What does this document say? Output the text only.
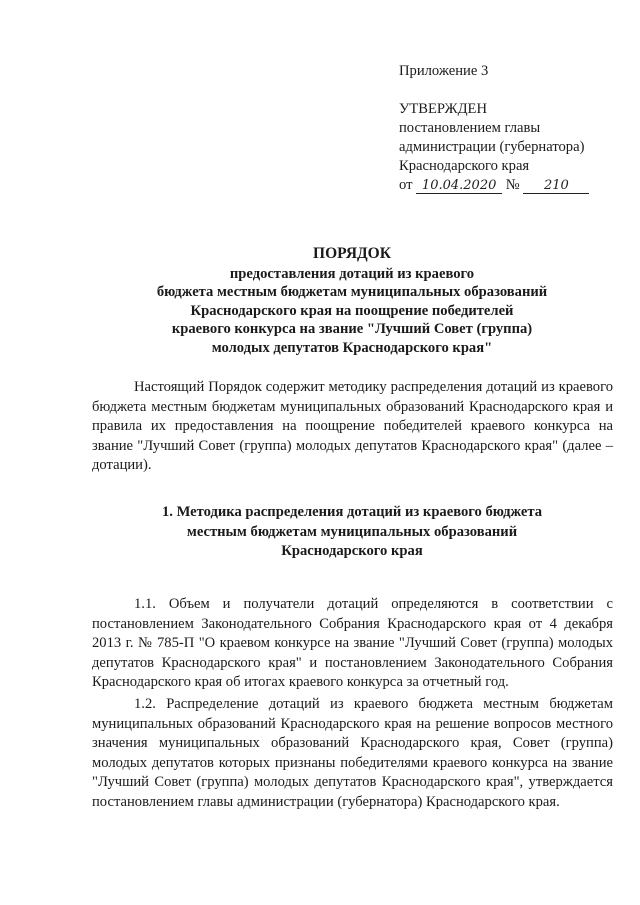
Приложение 3
УТВЕРЖДЕН
постановлением главы
администрации (губернатора)
Краснодарского края
от 10.04.2020 № 210
ПОРЯДОК
предоставления дотаций из краевого
бюджета местным бюджетам муниципальных образований
Краснодарского края на поощрение победителей
краевого конкурса на звание "Лучший Совет (группа)
молодых депутатов Краснодарского края"
Настоящий Порядок содержит методику распределения дотаций из краевого бюджета местным бюджетам муниципальных образований Краснодарского края и правила их предоставления на поощрение победителей краевого конкурса на звание "Лучший Совет (группа) молодых депутатов Краснодарского края" (далее – дотации).
1. Методика распределения дотаций из краевого бюджета
местным бюджетам муниципальных образований
Краснодарского края
1.1. Объем и получатели дотаций определяются в соответствии с постановлением Законодательного Собрания Краснодарского края от 4 декабря 2013 г. № 785-П "О краевом конкурсе на звание "Лучший Совет (группа) молодых депутатов Краснодарского края" и постановлением Законодательного Собрания Краснодарского края об итогах краевого конкурса за отчетный год.
1.2. Распределение дотаций из краевого бюджета местным бюджетам муниципальных образований Краснодарского края на решение вопросов местного значения муниципальных образований Краснодарского края, Совет (группа) молодых депутатов которых признаны победителями краевого конкурса на звание "Лучший Совет (группа) молодых депутатов Краснодарского края", утверждается постановлением главы администрации (губернатора) Краснодарского края.
